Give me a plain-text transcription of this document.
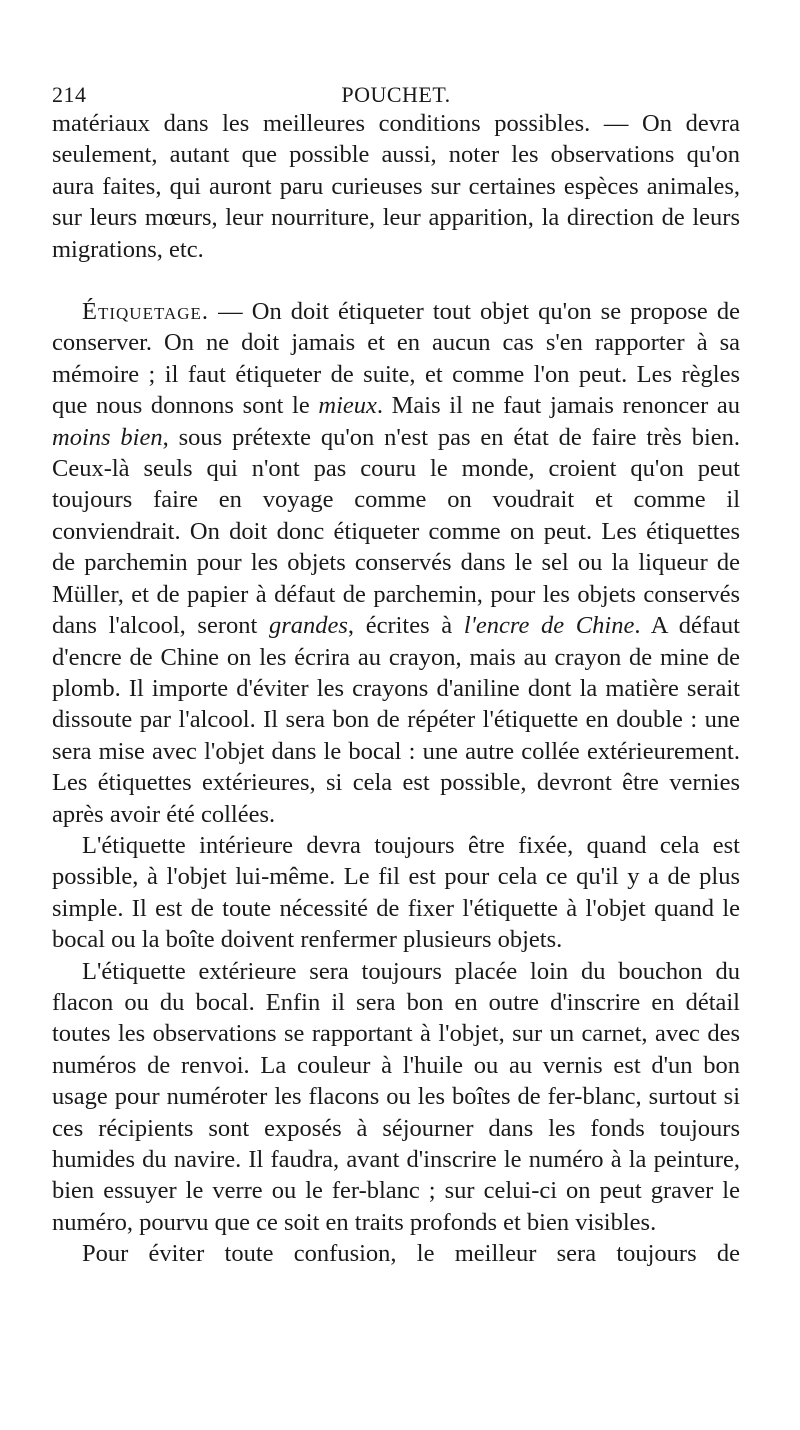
214	POUCHET.

matériaux dans les meilleures conditions possibles. — On devra seulement, autant que possible aussi, noter les observations qu'on aura faites, qui auront paru curieuses sur certaines espèces animales, sur leurs mœurs, leur nourriture, leur apparition, la direction de leurs migrations, etc.

Étiquetage. — On doit étiqueter tout objet qu'on se propose de conserver. On ne doit jamais et en aucun cas s'en rapporter à sa mémoire ; il faut étiqueter de suite, et comme l'on peut. Les règles que nous donnons sont le mieux. Mais il ne faut jamais renoncer au moins bien, sous prétexte qu'on n'est pas en état de faire très bien. Ceux-là seuls qui n'ont pas couru le monde, croient qu'on peut toujours faire en voyage comme on voudrait et comme il conviendrait. On doit donc étiqueter comme on peut. Les étiquettes de parchemin pour les objets conservés dans le sel ou la liqueur de Müller, et de papier à défaut de parchemin, pour les objets conservés dans l'alcool, seront grandes, écrites à l'encre de Chine. A défaut d'encre de Chine on les écrira au crayon, mais au crayon de mine de plomb. Il importe d'éviter les crayons d'aniline dont la matière serait dissoute par l'alcool. Il sera bon de répéter l'étiquette en double : une sera mise avec l'objet dans le bocal : une autre collée extérieurement. Les étiquettes extérieures, si cela est possible, devront être vernies après avoir été collées.

L'étiquette intérieure devra toujours être fixée, quand cela est possible, à l'objet lui-même. Le fil est pour cela ce qu'il y a de plus simple. Il est de toute nécessité de fixer l'étiquette à l'objet quand le bocal ou la boîte doivent renfermer plusieurs objets.

L'étiquette extérieure sera toujours placée loin du bouchon du flacon ou du bocal. Enfin il sera bon en outre d'inscrire en détail toutes les observations se rapportant à l'objet, sur un carnet, avec des numéros de renvoi. La couleur à l'huile ou au vernis est d'un bon usage pour numéroter les flacons ou les boîtes de fer-blanc, surtout si ces récipients sont exposés à séjourner dans les fonds toujours humides du navire. Il faudra, avant d'inscrire le numéro à la peinture, bien essuyer le verre ou le fer-blanc ; sur celui-ci on peut graver le numéro, pourvu que ce soit en traits profonds et bien visibles.

Pour éviter toute confusion, le meilleur sera toujours de
